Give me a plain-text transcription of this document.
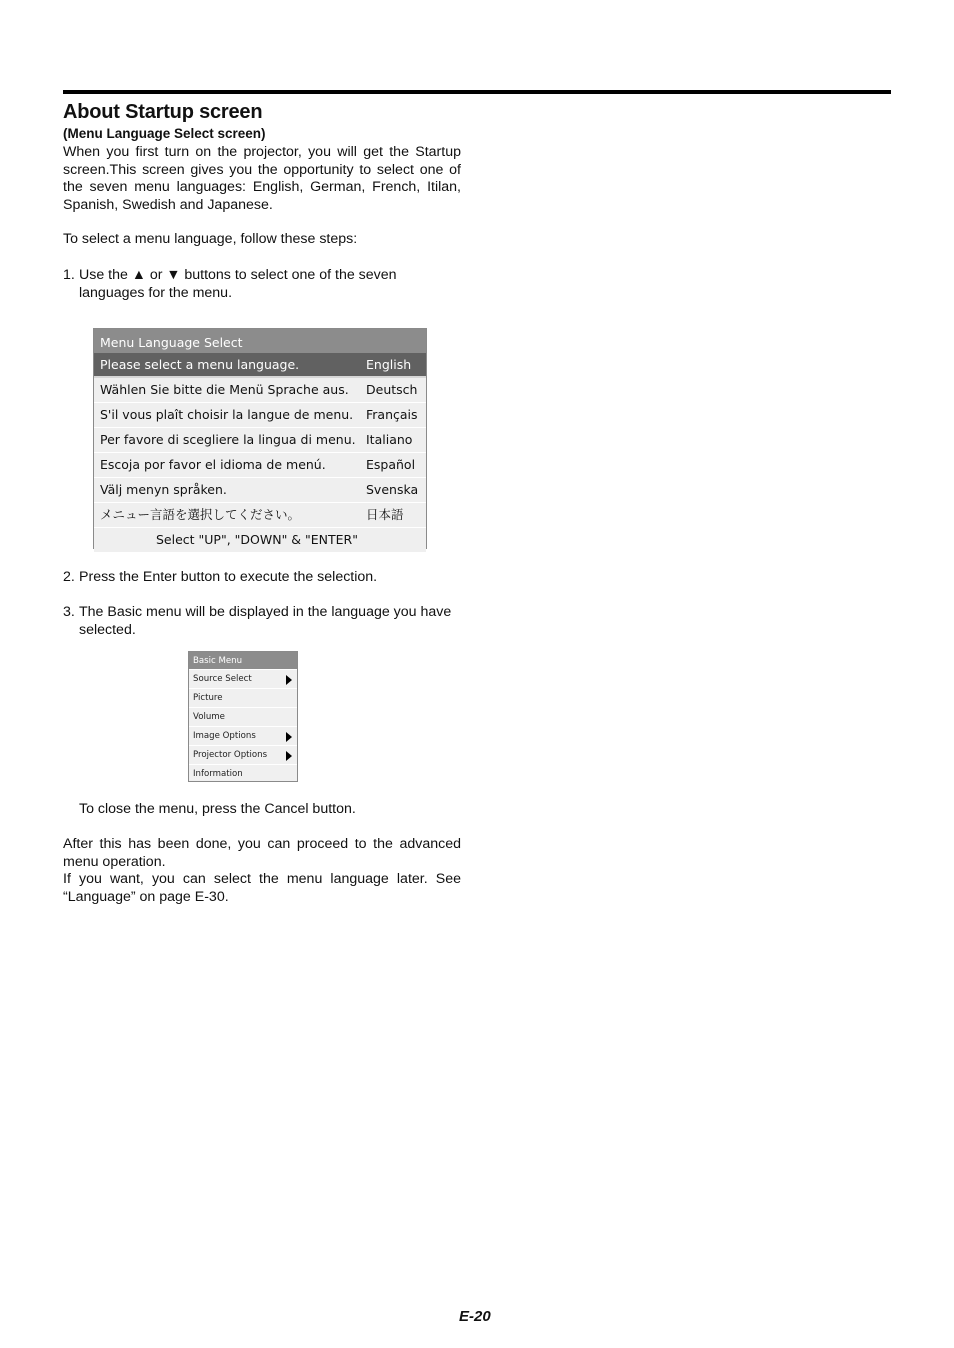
About Startup screen
(Menu Language Select screen)

When you first turn on the projector, you will get the Startup screen.This screen gives you the opportunity to select one of the seven menu languages: English, German, French, Itilan, Spanish, Swedish and Japanese.

To select a menu language, follow these steps:

1. Use the ▲ or ▼ buttons to select one of the seven languages for the menu.
Menu Language Select
Please select a menu language.	English
Wählen Sie bitte die Menü Sprache aus. Deutsch
S'il vous plaît choisir la langue de menu. Français
Per favore di scegliere la lingua di menu. Italiano
Escoja por favor el idioma de menú.	Español
Välj menyn språken.	Svenska
メニュー言語を選択してください。	日本語
Select "UP", "DOWN" & "ENTER"
2. Press the Enter button to execute the selection.
3. The Basic menu will be displayed in the language you have selected.
Basic Menu
Source Select
Picture
Volume
Image Options
Projector Options
Information

To close the menu, press the Cancel button.

After this has been done, you can proceed to the advanced menu operation.

If you want, you can select the menu language later. See “Language” on page E-30.

E-20
